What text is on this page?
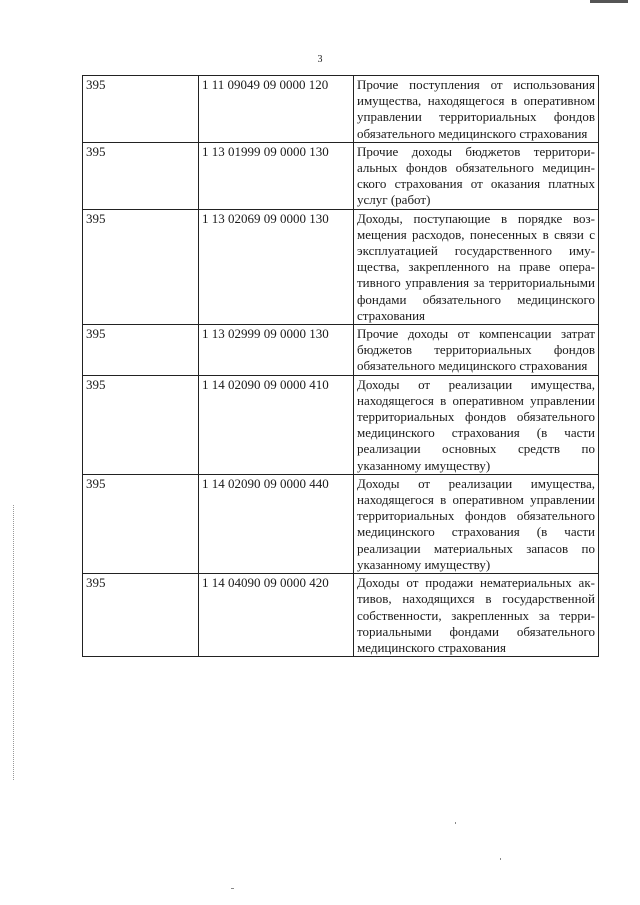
3
395	1 11 09049 09 0000 120	Прочие поступления от использования имущества, находящегося в оперативном управлении территориальных фондов обязательного медицинского страхования
395	1 13 01999 09 0000 130	Прочие доходы бюджетов территориальных фондов обязательного медицинского страхования от оказания платных услуг (работ)
395	1 13 02069 09 0000 130	Доходы, поступающие в порядке возмещения расходов, понесенных в связи с эксплуатацией государственного имущества, закрепленного на праве оперативного управления за территориальными фондами обязательного медицинского страхования
395	1 13 02999 09 0000 130	Прочие доходы от компенсации затрат бюджетов территориальных фондов обязательного медицинского страхования
395	1 14 02090 09 0000 410	Доходы от реализации имущества, находящегося в оперативном управлении территориальных фондов обязательного медицинского страхования (в части реализации основных средств по указанному имуществу)
395	1 14 02090 09 0000 440	Доходы от реализации имущества, находящегося в оперативном управлении территориальных фондов обязательного медицинского страхования (в части реализации материальных запасов по указанному имуществу)
395	1 14 04090 09 0000 420	Доходы от продажи нематериальных активов, находящихся в государственной собственности, закрепленных за территориальными фондами обязательного медицинского страхования
